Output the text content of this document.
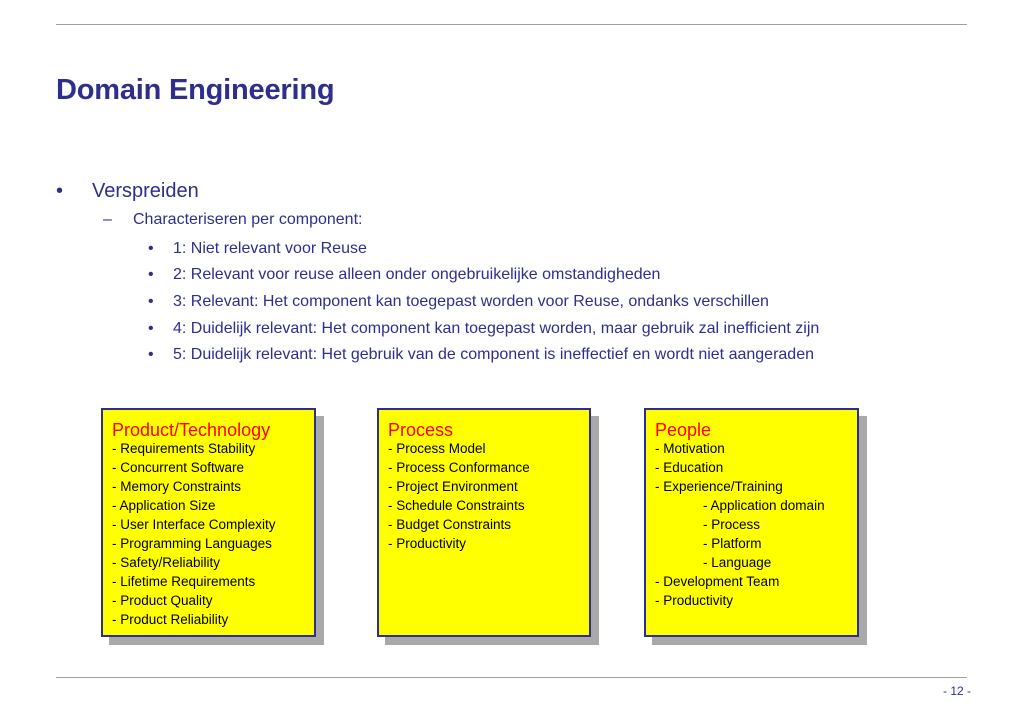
Domain Engineering
•	Verspreiden
–	Characteriseren per component:
•	1: Niet relevant voor Reuse
•	2: Relevant voor reuse alleen onder ongebruikelijke omstandigheden
•	3: Relevant: Het component kan toegepast worden voor Reuse, ondanks verschillen
•	4: Duidelijk relevant: Het component kan toegepast worden, maar gebruik zal inefficient zijn
•	5: Duidelijk relevant: Het gebruik van de component is ineffectief en wordt niet aangeraden
Product/Technology
- Requirements Stability
- Concurrent Software
- Memory Constraints
- Application Size
- User Interface Complexity
- Programming Languages
- Safety/Reliability
- Lifetime Requirements
- Product Quality
- Product Reliability
Process
- Process Model
- Process Conformance
- Project Environment
- Schedule Constraints
- Budget Constraints
- Productivity
People
- Motivation
- Education
- Experience/Training
- Application domain
- Process
- Platform
- Language
- Development Team
- Productivity
- 12 -
